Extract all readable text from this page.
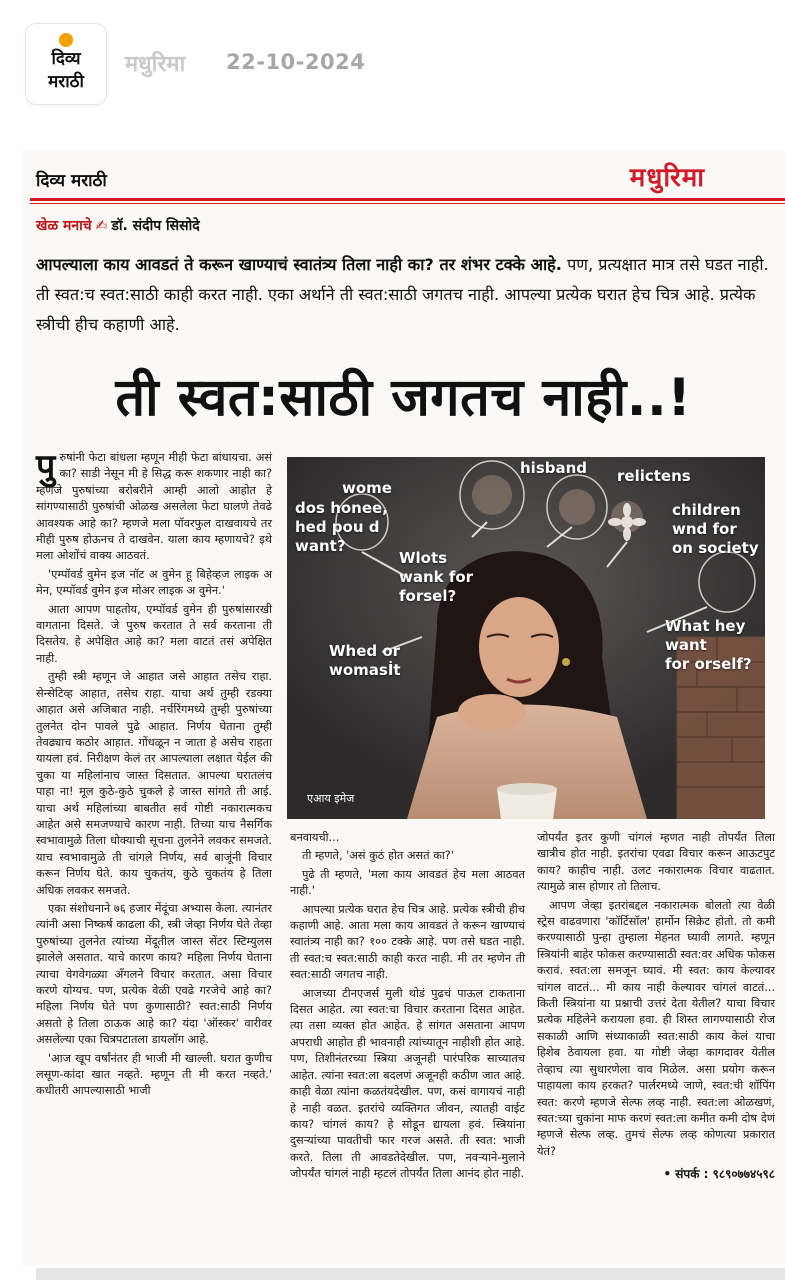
दिव्य
मराठी
मधुरिमा 22-10-2024
दिव्य मराठी	मधुरिमा
खेळ मनाचे ✍ डॉ. संदीप सिसोदे
आपल्याला काय आवडतं ते करून खाण्याचं स्वातंत्र्य तिला नाही का? तर शंभर टक्के आहे. पण, प्रत्यक्षात मात्र तसे घडत नाही. ती स्वत:च स्वत:साठी काही करत नाही. एका अर्थाने ती स्वत:साठी जगतच नाही. आपल्या प्रत्येक घरात हेच चित्र आहे. प्रत्येक स्त्रीची हीच कहाणी आहे.
ती स्वत:साठी जगतच नाही..!

पुरुषांनी फेटा बांधला म्हणून मीही फेटा बांधायचा. असं का? साडी नेसून मी हे सिद्ध करू शकणार नाही का? म्हणजे पुरुषांच्या बरोबरीने आम्ही आलो आहोत हे सांगण्यासाठी पुरुषांची ओळख असलेला फेटा घालणे तेवढे आवश्यक आहे का? म्हणजे मला पॉवरफुल दाखवायचे तर मीही पुरुष होऊनच ते दाखवेन. याला काय म्हणायचे? इथे मला ओशोंचं वाक्य आठवतं.

'एम्पॉवर्ड वुमेन इज नॉट अ वुमेन हू बिहेव्हज लाइक अ मेन, एम्पॉवर्ड वुमेन इज मोअर लाइक अ वुमेन.'

आता आपण पाहतोय, एम्पॉवर्ड वुमेन ही पुरुषांसारखी वागताना दिसते. जे पुरुष करतात ते सर्व करताना ती दिसतेय. हे अपेक्षित आहे का? मला वाटतं तसं अपेक्षित नाही.

तुम्ही स्त्री म्हणून जे आहात जसे आहात तसेच राहा. सेन्सेटिव्ह आहात, तसेच राहा. याचा अर्थ तुम्ही रडक्या आहात असे अजिबात नाही. नर्चरिंगमध्ये तुम्ही पुरुषांच्या तुलनेत दोन पावले पुढे आहात. निर्णय घेताना तुम्ही तेवढ्याच कठोर आहात. गोंधळून न जाता हे असेच राहता यायला हवं. निरीक्षण केलं तर आपल्याला लक्षात येईल की चुका या महिलांनाच जास्त दिसतात. आपल्या घरातलंच पाहा ना! मूल कुठे-कुठे चुकले हे जास्त सांगते ती आई. याचा अर्थ महिलांच्या बाबतीत सर्व गोष्टी नकारात्मकच आहेत असे समजण्याचे कारण नाही. तिच्या याच नैसर्गिक स्वभावामुळे तिला धोक्याची सूचना तुलनेने लवकर समजते. याच स्वभावामुळे ती चांगले निर्णय, सर्व बाजूंनी विचार करून निर्णय घेते. काय चुकतंय, कुठे चुकतंय हे तिला अधिक लवकर समजते.

एका संशोधनाने ७६ हजार मेंदूंचा अभ्यास केला. त्यानंतर त्यांनी असा निष्कर्ष काढला की, स्त्री जेव्हा निर्णय घेते तेव्हा पुरुषांच्या तुलनेत त्यांच्या मेंदूतील जास्त सेंटर स्टिम्युलस झालेले असतात. याचे कारण काय? महिला निर्णय घेताना त्याचा वेगवेगळ्या अँगलने विचार करतात. असा विचार करणे योग्यच. पण, प्रत्येक वेळी एवढे गरजेचे आहे का? महिला निर्णय घेते पण कुणासाठी? स्वत:साठी निर्णय असतो हे तिला ठाऊक आहे का? यंदा 'ऑस्कर' वारीवर असलेल्या एका चित्रपटातला डायलॉग आहे.

'आज खूप वर्षांनंतर ही भाजी मी खाल्ली. घरात कुणीच लसूण-कांदा खात नव्हते. म्हणून ती मी करत नव्हते.' कधीतरी आपल्यासाठी भाजी

hisband relictens
wome
dos honee,
hed pou d
want?
Wlots
wank for
forsel?
children
wnd for
on society
What hey
want
for orself?
Whed or
womasİt
एआय इमेज

बनवायची...

ती म्हणते, 'असं कुठं होत असतं का?'

पुढे ती म्हणते, 'मला काय आवडतं हेच मला आठवत नाही.'

आपल्या प्रत्येक घरात हेच चित्र आहे. प्रत्येक स्त्रीची हीच कहाणी आहे. आता मला काय आवडतं ते करून खाण्याचं स्वातंत्र्य नाही का? १०० टक्के आहे. पण तसे घडत नाही. ती स्वत:च स्वत:साठी काही करत नाही. मी तर म्हणेन ती स्वत:साठी जगतच नाही.

आजच्या टीनएजर्स मुली थोडं पुढचं पाऊल टाकताना दिसत आहेत. त्या स्वत:चा विचार करताना दिसत आहेत. त्या तसा व्यक्त होत आहेत. हे सांगत असताना आपण अपराधी आहोत ही भावनाही त्यांच्यातून नाहीशी होत आहे. पण, तिशीनंतरच्या स्त्रिया अजूनही पारंपरिक साच्यातच आहेत. त्यांना स्वत:ला बदलणं अजूनही कठीण जात आहे. काही वेळा त्यांना कळतंयदेखील. पण, कसं वागायचं नाही हे नाही वळत. इतरांचे व्यक्तिगत जीवन, त्यातही वाईट काय? चांगलं काय? हे सोडून द्यायला हवं. स्त्रियांना दुसऱ्यांच्या पावतीची फार गरज असते. ती स्वत: भाजी करते. तिला ती आवडतेदेखील. पण, नवऱ्याने-मुलाने जोपर्यंत चांगलं नाही म्हटलं तोपर्यंत तिला आनंद होत नाही.

जोपर्यंत इतर कुणी चांगलं म्हणत नाही तोपर्यंत तिला खात्रीच होत नाही. इतरांचा एवढा विचार करून आऊटपुट काय? काहीच नाही. उलट नकारात्मक विचार वाढतात. त्यामुळे त्रास होणार तो तिलाच.

आपण जेव्हा इतरांबद्दल नकारात्मक बोलतो त्या वेळी स्ट्रेस वाढवणारा 'कॉर्टिसॉल' हार्मोन सिक्रेट होतो. तो कमी करण्यासाठी पुन्हा तुम्हाला मेहनत घ्यावी लागते. म्हणून स्त्रियांनी बाहेर फोकस करण्यासाठी स्वत:वर अधिक फोकस करावं. स्वत:ला समजून घ्यावं. मी स्वत: काय केल्यावर चांगल वाटतं... मी काय नाही केल्यावर चांगलं वाटतं... किती स्त्रियांना या प्रश्नाची उत्तरं देता येतील? याचा विचार प्रत्येक महिलेने करायला हवा. ही शिस्त लागण्यासाठी रोज सकाळी आणि संध्याकाळी स्वत:साठी काय केलं याचा हिशेब ठेवायला हवा. या गोष्टी जेव्हा कागदावर येतील तेव्हाच त्या सुधारणेला वाव मिळेल. असा प्रयोग करून पाहायला काय हरकत? पार्लरमध्ये जाणे, स्वत:ची शॉपिंग स्वत: करणे म्हणजे सेल्फ लव्ह नाही. स्वत:ला ओळखणं, स्वत:च्या चुकांना माफ करणं स्वत:ला कमीत कमी दोष देणं म्हणजे सेल्फ लव्ह. तुमचं सेल्फ लव्ह कोणत्या प्रकारात येतं?

• संपर्क : ९८९०७७४५९८
